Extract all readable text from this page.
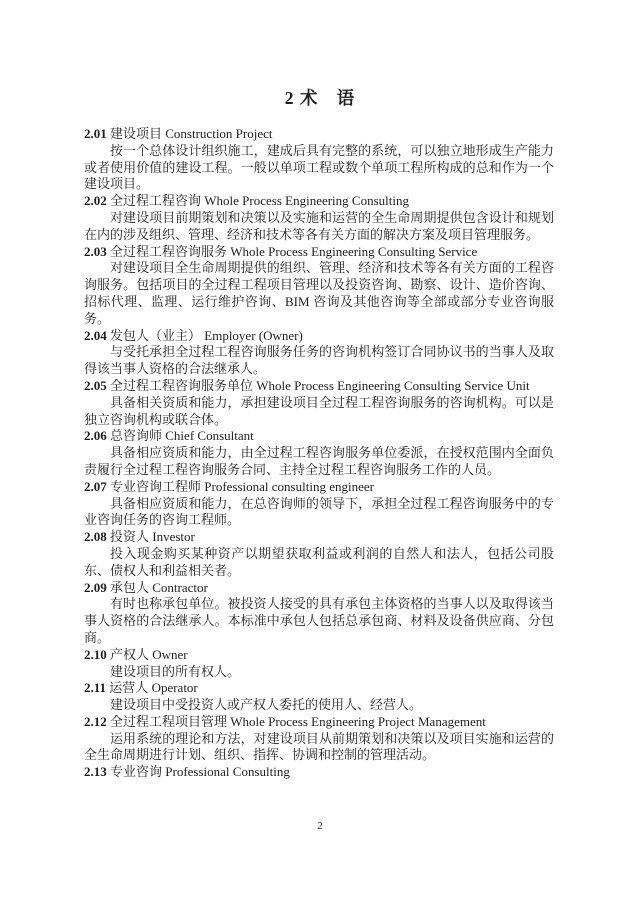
2 术　语

2.01 建设项目 Construction Project

按一个总体设计组织施工，建成后具有完整的系统，可以独立地形成生产能力或者使用价值的建设工程。一般以单项工程或数个单项工程所构成的总和作为一个建设项目。

2.02 全过程工程咨询 Whole Process Engineering Consulting

对建设项目前期策划和决策以及实施和运营的全生命周期提供包含设计和规划在内的涉及组织、管理、经济和技术等各有关方面的解决方案及项目管理服务。

2.03 全过程工程咨询服务 Whole Process Engineering Consulting Service

对建设项目全生命周期提供的组织、管理、经济和技术等各有关方面的工程咨询服务。包括项目的全过程工程项目管理以及投资咨询、勘察、设计、造价咨询、招标代理、监理、运行维护咨询、BIM 咨询及其他咨询等全部或部分专业咨询服务。

2.04 发包人（业主） Employer (Owner)

与受托承担全过程工程咨询服务任务的咨询机构签订合同协议书的当事人及取得该当事人资格的合法继承人。

2.05 全过程工程咨询服务单位 Whole Process Engineering Consulting Service Unit

具备相关资质和能力，承担建设项目全过程工程咨询服务的咨询机构。可以是独立咨询机构或联合体。

2.06 总咨询师 Chief Consultant

具备相应资质和能力，由全过程工程咨询服务单位委派，在授权范围内全面负责履行全过程工程咨询服务合同、主持全过程工程咨询服务工作的人员。

2.07 专业咨询工程师 Professional consulting engineer

具备相应资质和能力，在总咨询师的领导下，承担全过程工程咨询服务中的专业咨询任务的咨询工程师。

2.08 投资人 Investor

投入现金购买某种资产以期望获取利益或利润的自然人和法人，包括公司股东、债权人和利益相关者。

2.09 承包人 Contractor

有时也称承包单位。被投资人接受的具有承包主体资格的当事人以及取得该当事人资格的合法继承人。本标准中承包人包括总承包商、材料及设备供应商、分包商。

2.10 产权人 Owner

建设项目的所有权人。

2.11 运营人 Operator

建设项目中受投资人或产权人委托的使用人、经营人。

2.12 全过程工程项目管理 Whole Process Engineering Project Management

运用系统的理论和方法，对建设项目从前期策划和决策以及项目实施和运营的全生命周期进行计划、组织、指挥、协调和控制的管理活动。

2.13 专业咨询 Professional Consulting

2
